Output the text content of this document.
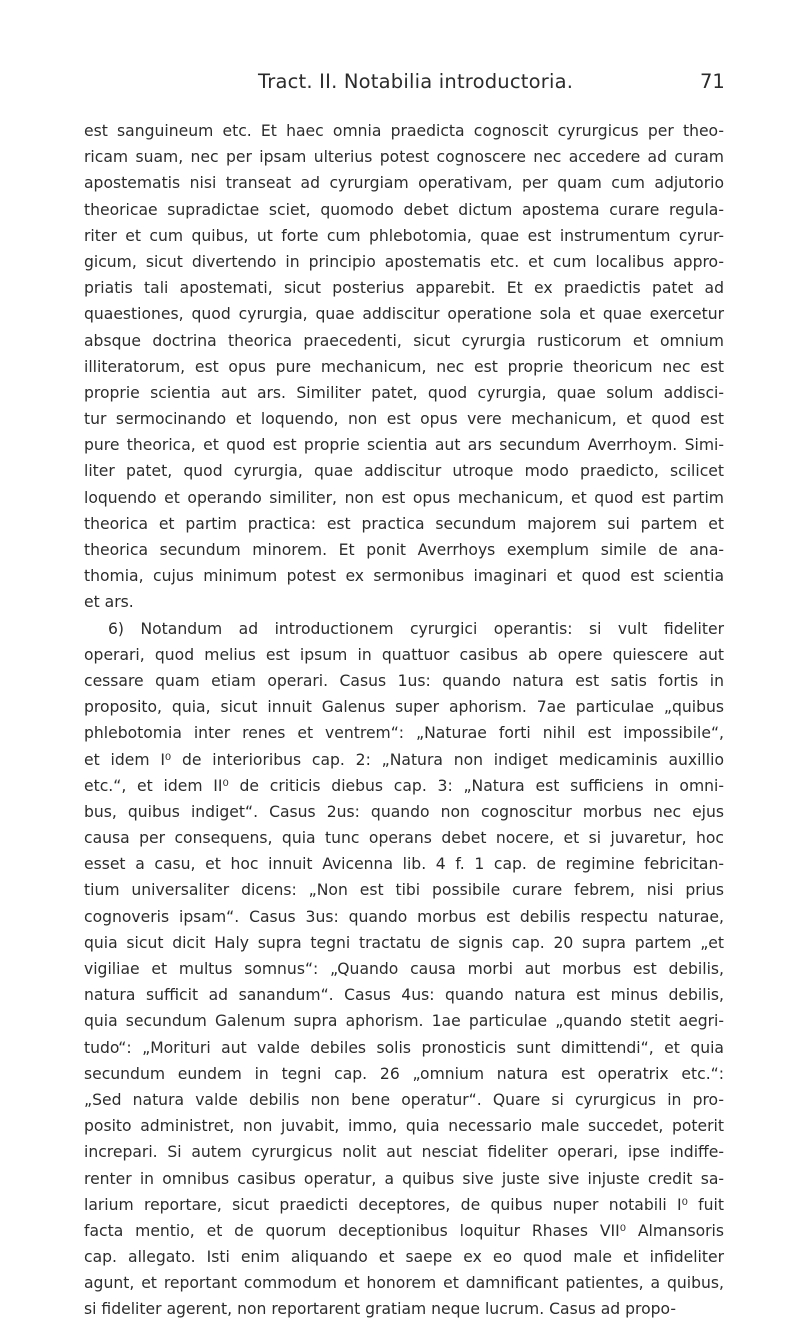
Tract. II. Notabilia introductoria.	71
est sanguineum etc. Et haec omnia praedicta cognoscit cyrurgicus per theo-
ricam suam, nec per ipsam ulterius potest cognoscere nec accedere ad curam
apostematis nisi transeat ad cyrurgiam operativam, per quam cum adjutorio
theoricae supradictae sciet, quomodo debet dictum apostema curare regula-
riter et cum quibus, ut forte cum phlebotomia, quae est instrumentum cyrur-
gicum, sicut divertendo in principio apostematis etc. et cum localibus appro-
priatis tali apostemati, sicut posterius apparebit. Et ex praedictis patet ad
quaestiones, quod cyrurgia, quae addiscitur operatione sola et quae exercetur
absque doctrina theorica praecedenti, sicut cyrurgia rusticorum et omnium
illiteratorum, est opus pure mechanicum, nec est proprie theoricum nec est
proprie scientia aut ars. Similiter patet, quod cyrurgia, quae solum addisci-
tur sermocinando et loquendo, non est opus vere mechanicum, et quod est
pure theorica, et quod est proprie scientia aut ars secundum Averrhoym. Simi-
liter patet, quod cyrurgia, quae addiscitur utroque modo praedicto, scilicet
loquendo et operando similiter, non est opus mechanicum, et quod est partim
theorica et partim practica: est practica secundum majorem sui partem et
theorica secundum minorem. Et ponit Averrhoys exemplum simile de ana-
thomia, cujus minimum potest ex sermonibus imaginari et quod est scientia
et ars.
6) Notandum ad introductionem cyrurgici operantis: si vult fideliter
operari, quod melius est ipsum in quattuor casibus ab opere quiescere aut
cessare quam etiam operari. Casus 1us: quando natura est satis fortis in
proposito, quia, sicut innuit Galenus super aphorism. 7ae particulae „quibus
phlebotomia inter renes et ventrem“: „Naturae forti nihil est impossibile“,
et idem I⁰ de interioribus cap. 2: „Natura non indiget medicaminis auxillio
etc.“, et idem II⁰ de criticis diebus cap. 3: „Natura est sufficiens in omni-
bus, quibus indiget“. Casus 2us: quando non cognoscitur morbus nec ejus
causa per consequens, quia tunc operans debet nocere, et si juvaretur, hoc
esset a casu, et hoc innuit Avicenna lib. 4 f. 1 cap. de regimine febricitan-
tium universaliter dicens: „Non est tibi possibile curare febrem, nisi prius
cognoveris ipsam“. Casus 3us: quando morbus est debilis respectu naturae,
quia sicut dicit Haly supra tegni tractatu de signis cap. 20 supra partem „et
vigiliae et multus somnus“: „Quando causa morbi aut morbus est debilis,
natura sufficit ad sanandum“. Casus 4us: quando natura est minus debilis,
quia secundum Galenum supra aphorism. 1ae particulae „quando stetit aegri-
tudo“: „Morituri aut valde debiles solis pronosticis sunt dimittendi“, et quia
secundum eundem in tegni cap. 26 „omnium natura est operatrix etc.“:
„Sed natura valde debilis non bene operatur“. Quare si cyrurgicus in pro-
posito administret, non juvabit, immo, quia necessario male succedet, poterit
increpari. Si autem cyrurgicus nolit aut nesciat fideliter operari, ipse indiffe-
renter in omnibus casibus operatur, a quibus sive juste sive injuste credit sa-
larium reportare, sicut praedicti deceptores, de quibus nuper notabili I⁰ fuit
facta mentio, et de quorum deceptionibus loquitur Rhases VII⁰ Almansoris
cap. allegato. Isti enim aliquando et saepe ex eo quod male et infideliter
agunt, et reportant commodum et honorem et damnificant patientes, a quibus,
si fideliter agerent, non reportarent gratiam neque lucrum. Casus ad propo-
